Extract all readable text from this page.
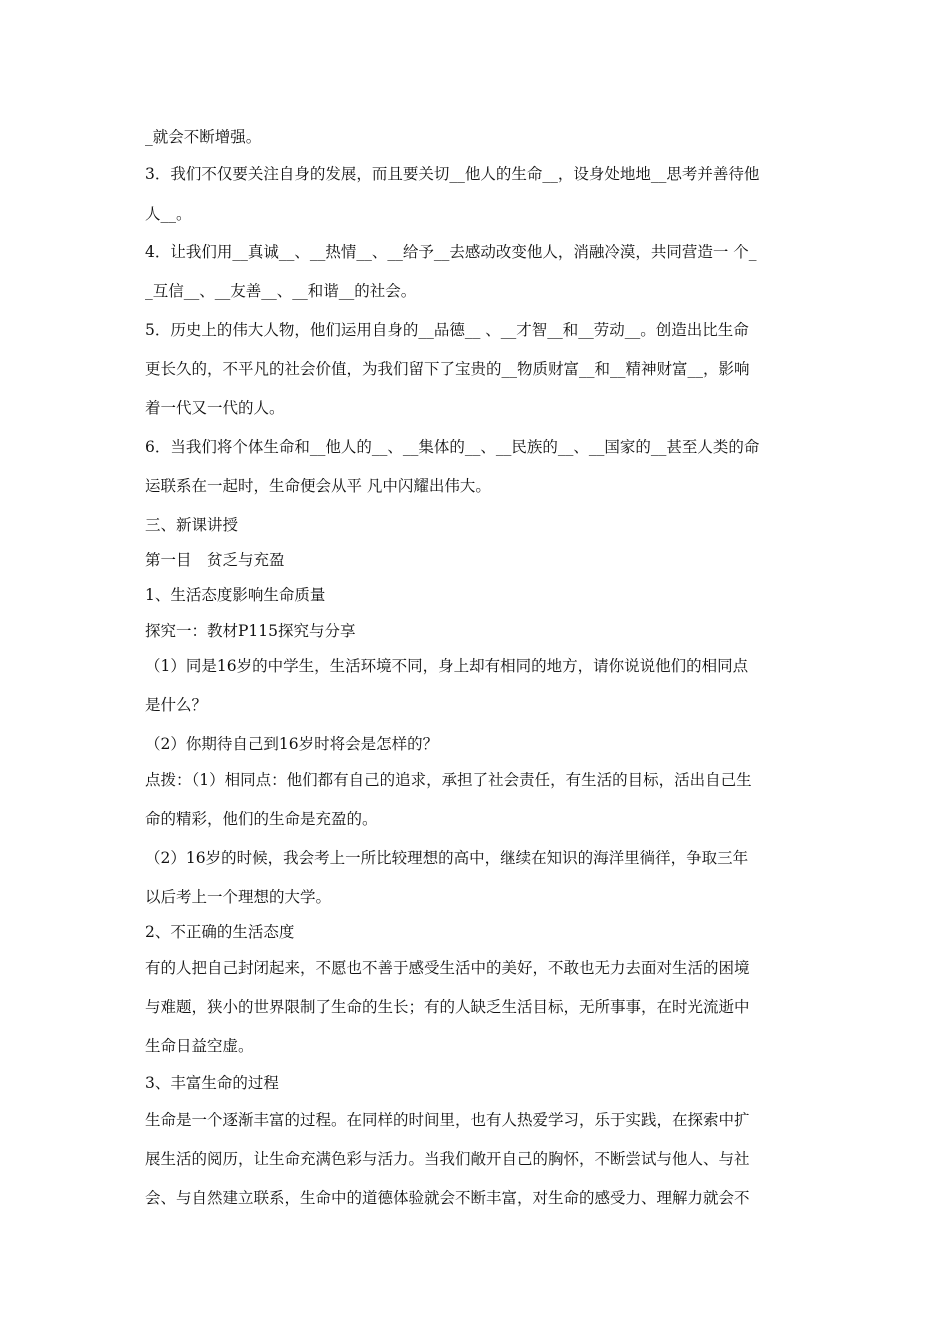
_就会不断增强。
3．我们不仅要关注自身的发展，而且要关切__他人的生命__，设身处地地__思考并善待他
人__。
4．让我们用__真诚__、__热情__、__给予__去感动改变他人，消融冷漠，共同营造一 个_
_互信__、__友善__、__和谐__的社会。
5．历史上的伟大人物，他们运用自身的__品德__ 、__才智__和__劳动__。创造出比生命
更长久的，不平凡的社会价值，为我们留下了宝贵的__物质财富__和__精神财富__，影响
着一代又一代的人。
6．当我们将个体生命和__他人的__、__集体的__、__民族的__、__国家的__甚至人类的命
运联系在一起时，生命便会从平 凡中闪耀出伟大。
三、新课讲授
第一目　贫乏与充盈
1、生活态度影响生命质量
探究一：教材P115探究与分享
（1）同是16岁的中学生，生活环境不同，身上却有相同的地方，请你说说他们的相同点
是什么？
（2）你期待自己到16岁时将会是怎样的？
点拨：（1）相同点：他们都有自己的追求，承担了社会责任，有生活的目标，活出自己生
命的精彩，他们的生命是充盈的。
（2）16岁的时候，我会考上一所比较理想的高中，继续在知识的海洋里徜徉，争取三年
以后考上一个理想的大学。
2、不正确的生活态度
有的人把自己封闭起来，不愿也不善于感受生活中的美好，不敢也无力去面对生活的困境
与难题，狭小的世界限制了生命的生长；有的人缺乏生活目标，无所事事，在时光流逝中
生命日益空虚。
3、丰富生命的过程
生命是一个逐渐丰富的过程。在同样的时间里，也有人热爱学习，乐于实践，在探索中扩
展生活的阅历，让生命充满色彩与活力。当我们敞开自己的胸怀，不断尝试与他人、与社
会、与自然建立联系，生命中的道德体验就会不断丰富，对生命的感受力、理解力就会不
